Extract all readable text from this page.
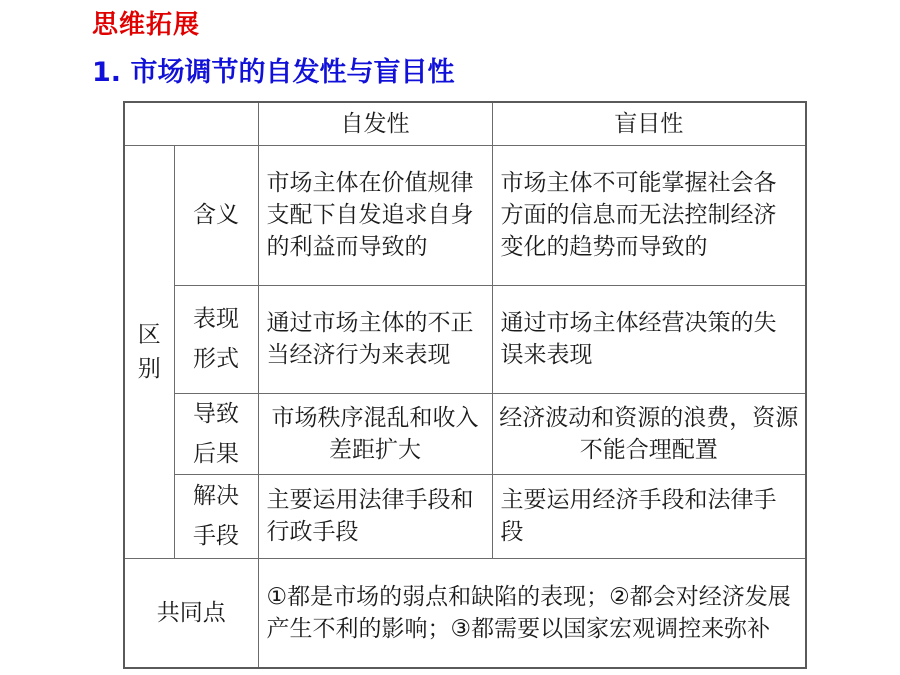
思维拓展
1. 市场调节的自发性与盲目性
		自发性	盲目性
区别	含义	市场主体在价值规律支配下自发追求自身的利益而导致的	市场主体不可能掌握社会各方面的信息而无法控制经济变化的趋势而导致的
	表现形式	通过市场主体的不正当经济行为来表现	通过市场主体经营决策的失误来表现
	导致后果	市场秩序混乱和收入差距扩大	经济波动和资源的浪费，资源不能合理配置
	解决手段	主要运用法律手段和行政手段	主要运用经济手段和法律手段
共同点		①都是市场的弱点和缺陷的表现；②都会对经济发展产生不利的影响；③都需要以国家宏观调控来弥补	
